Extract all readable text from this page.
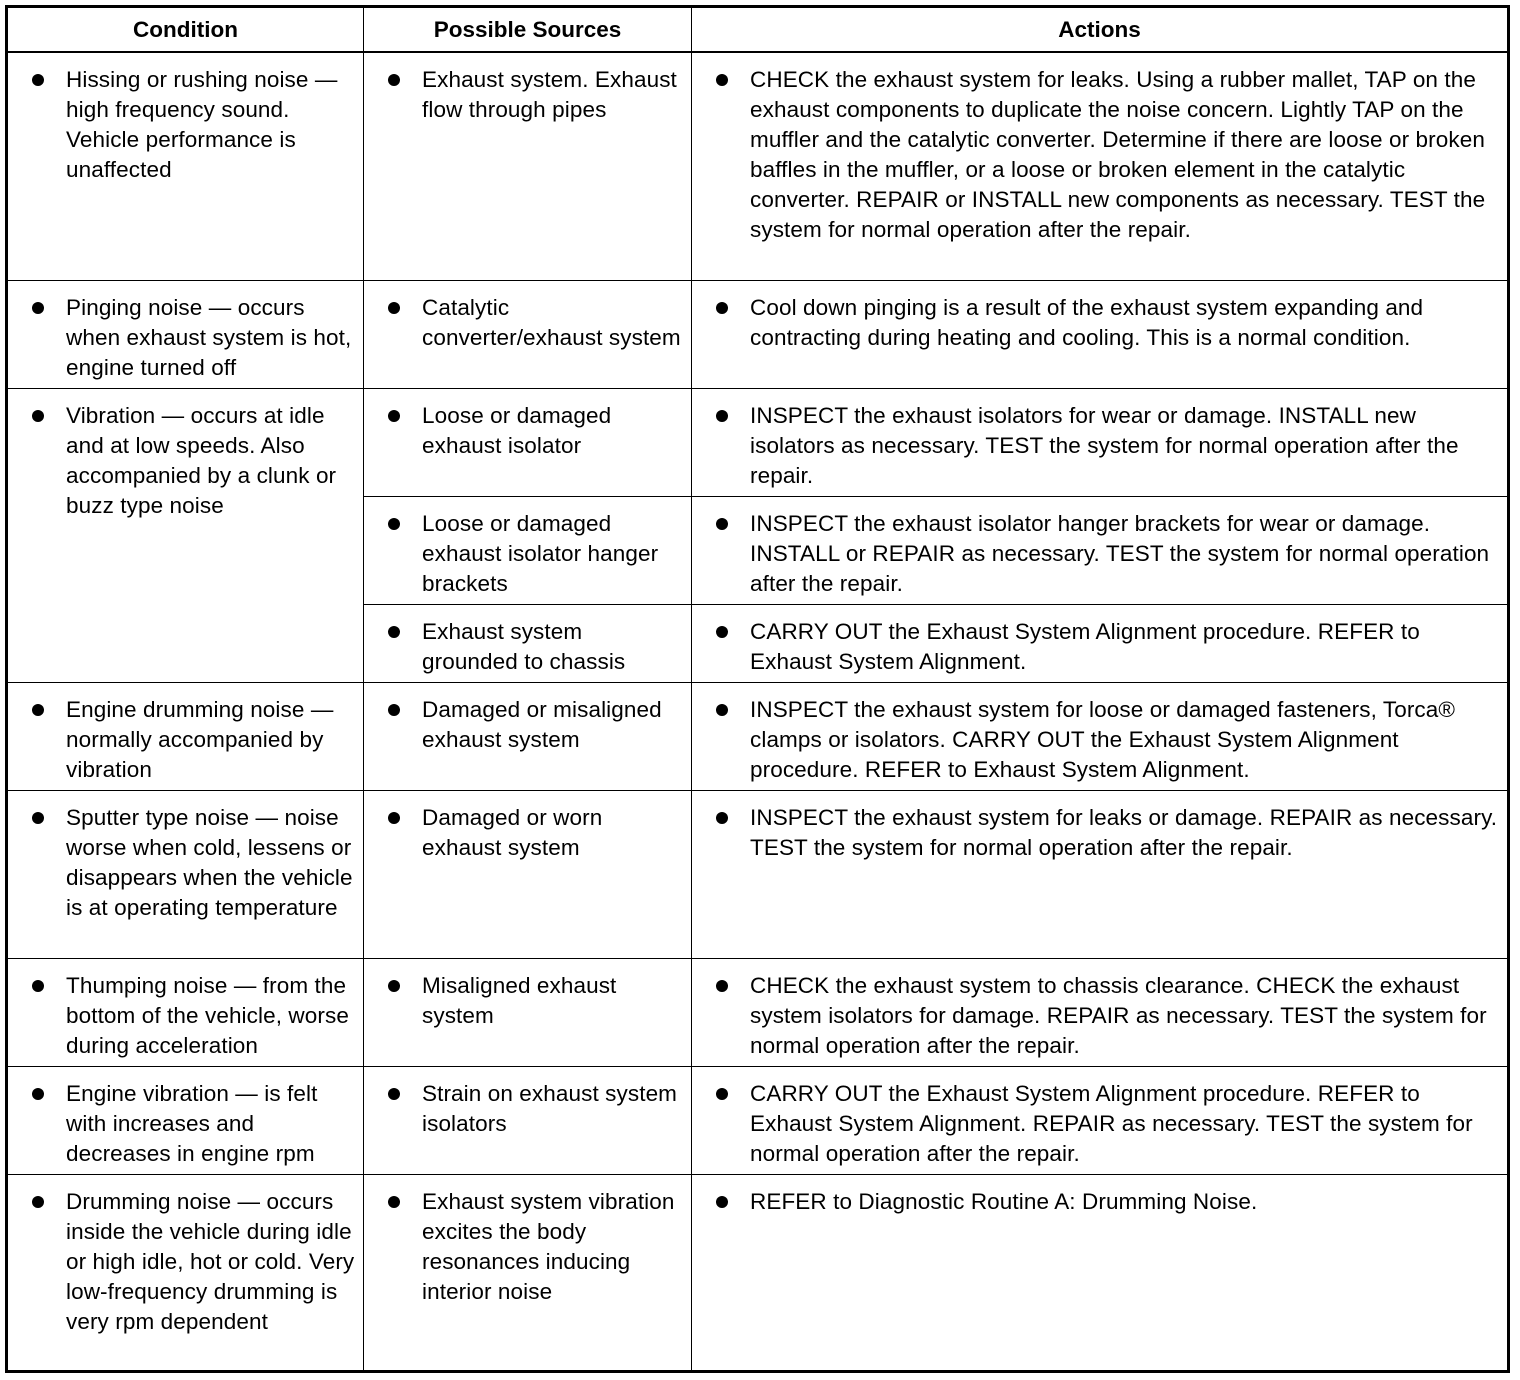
Condition	Possible Sources	Actions

Hissing or rushing noise — high frequency sound. Vehicle performance is unaffected	Exhaust system. Exhaust flow through pipes	CHECK the exhaust system for leaks. Using a rubber mallet, TAP on the exhaust components to duplicate the noise concern. Lightly TAP on the muffler and the catalytic converter. Determine if there are loose or broken baffles in the muffler, or a loose or broken element in the catalytic converter. REPAIR or INSTALL new components as necessary. TEST the system for normal operation after the repair.

Pinging noise — occurs when exhaust system is hot, engine turned off	Catalytic converter/exhaust system	Cool down pinging is a result of the exhaust system expanding and contracting during heating and cooling. This is a normal condition.

Vibration — occurs at idle and at low speeds. Also accompanied by a clunk or buzz type noise	Loose or damaged exhaust isolator	INSPECT the exhaust isolators for wear or damage. INSTALL new isolators as necessary. TEST the system for normal operation after the repair.

	Loose or damaged exhaust isolator hanger brackets	INSPECT the exhaust isolator hanger brackets for wear or damage. INSTALL or REPAIR as necessary. TEST the system for normal operation after the repair.

	Exhaust system grounded to chassis	CARRY OUT the Exhaust System Alignment procedure. REFER to Exhaust System Alignment.

Engine drumming noise — normally accompanied by vibration	Damaged or misaligned exhaust system	INSPECT the exhaust system for loose or damaged fasteners, Torca® clamps or isolators. CARRY OUT the Exhaust System Alignment procedure. REFER to Exhaust System Alignment.

Sputter type noise — noise worse when cold, lessens or disappears when the vehicle is at operating temperature	Damaged or worn exhaust system	INSPECT the exhaust system for leaks or damage. REPAIR as necessary. TEST the system for normal operation after the repair.

Thumping noise — from the bottom of the vehicle, worse during acceleration	Misaligned exhaust system	CHECK the exhaust system to chassis clearance. CHECK the exhaust system isolators for damage. REPAIR as necessary. TEST the system for normal operation after the repair.

Engine vibration — is felt with increases and decreases in engine rpm	Strain on exhaust system isolators	CARRY OUT the Exhaust System Alignment procedure. REFER to Exhaust System Alignment. REPAIR as necessary. TEST the system for normal operation after the repair.

Drumming noise — occurs inside the vehicle during idle or high idle, hot or cold. Very low-frequency drumming is very rpm dependent	Exhaust system vibration excites the body resonances inducing interior noise	REFER to Diagnostic Routine A: Drumming Noise.
